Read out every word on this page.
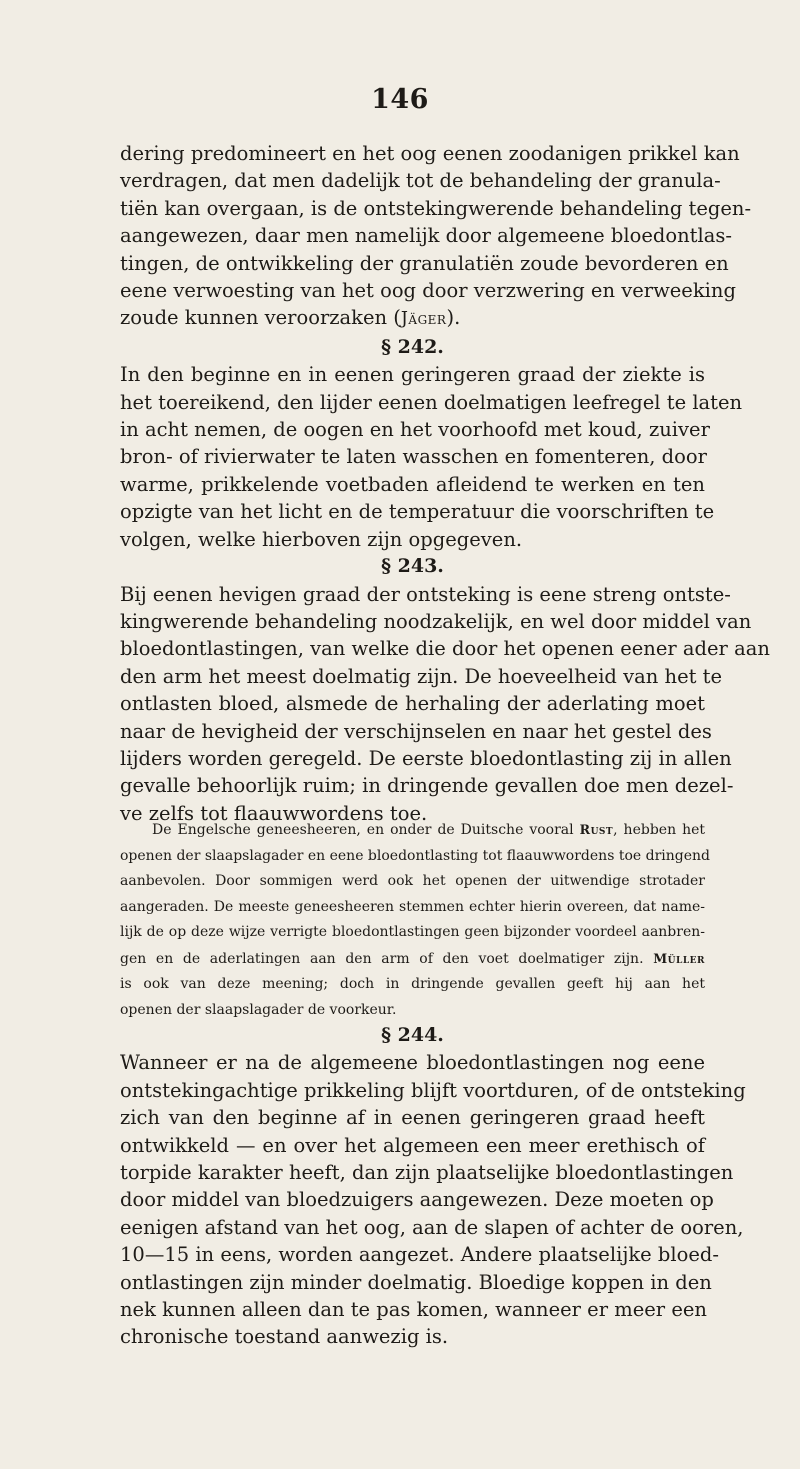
146
dering predomineert en het oog eenen zoodanigen prikkel kan
verdragen, dat men dadelijk tot de behandeling der granula-
tiën kan overgaan, is de ontstekingwerende behandeling tegen-
aangewezen, daar men namelijk door algemeene bloedontlas-
tingen, de ontwikkeling der granulatiën zoude bevorderen en
eene verwoesting van het oog door verzwering en verweeking
zoude kunnen veroorzaken (Jäger).
§ 242.
In den beginne en in eenen geringeren graad der ziekte is
het toereikend, den lijder eenen doelmatigen leefregel te laten
in acht nemen, de oogen en het voorhoofd met koud, zuiver
bron- of rivierwater te laten wasschen en fomenteren, door
warme, prikkelende voetbaden afleidend te werken en ten
opzigte van het licht en de temperatuur die voorschriften te
volgen, welke hierboven zijn opgegeven.
§ 243.
Bij eenen hevigen graad der ontsteking is eene streng ontste-
kingwerende behandeling noodzakelijk, en wel door middel van
bloedontlastingen, van welke die door het openen eener ader aan
den arm het meest doelmatig zijn. De hoeveelheid van het te
ontlasten bloed, alsmede de herhaling der aderlating moet
naar de hevigheid der verschijnselen en naar het gestel des
lijders worden geregeld. De eerste bloedontlasting zij in allen
gevalle behoorlijk ruim; in dringende gevallen doe men dezel-
ve zelfs tot flaauwwordens toe.
De Engelsche geneesheeren, en onder de Duitsche vooral Rust, hebben het
openen der slaapslagader en eene bloedontlasting tot flaauwwordens toe dringend
aanbevolen. Door sommigen werd ook het openen der uitwendige strotader
aangeraden. De meeste geneesheeren stemmen echter hierin overeen, dat name-
lijk de op deze wijze verrigte bloedontlastingen geen bijzonder voordeel aanbren-
gen en de aderlatingen aan den arm of den voet doelmatiger zijn. Müller
is ook van deze meening; doch in dringende gevallen geeft hij aan het
openen der slaapslagader de voorkeur.
§ 244.
Wanneer er na de algemeene bloedontlastingen nog eene
ontstekingachtige prikkeling blijft voortduren, of de ontsteking
zich van den beginne af in eenen geringeren graad heeft
ontwikkeld — en over het algemeen een meer erethisch of
torpide karakter heeft, dan zijn plaatselijke bloedontlastingen
door middel van bloedzuigers aangewezen. Deze moeten op
eenigen afstand van het oog, aan de slapen of achter de ooren,
10—15 in eens, worden aangezet. Andere plaatselijke bloed-
ontlastingen zijn minder doelmatig. Bloedige koppen in den
nek kunnen alleen dan te pas komen, wanneer er meer een
chronische toestand aanwezig is.
